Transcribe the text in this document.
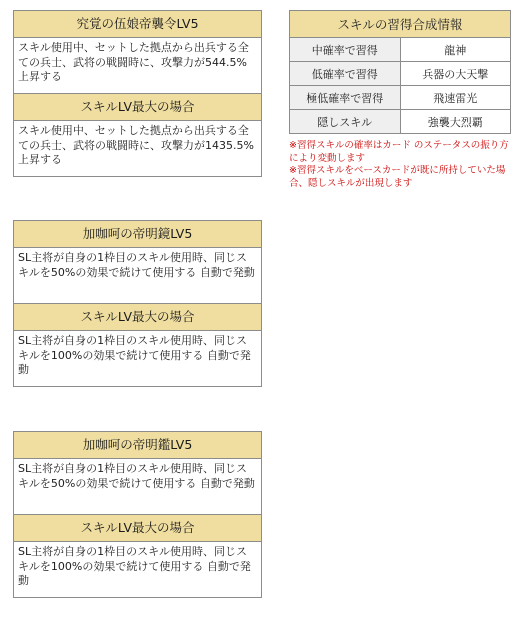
究覚の伍娘帝襲令LV5
スキル使用中、セットした拠点から出兵する全ての兵士、武将の戦闘時に、攻撃力が544.5%上昇する
スキルLV最大の場合
スキル使用中、セットした拠点から出兵する全ての兵士、武将の戦闘時に、攻撃力が1435.5%上昇する
加咖呵の帝明鏡LV5
SL主将が自身の1枠目のスキル使用時、同じスキルを50%の効果で続けて使用する 自動で発動
スキルLV最大の場合
SL主将が自身の1枠目のスキル使用時、同じスキルを100%の効果で続けて使用する 自動で発動
加咖呵の帝明鑑LV5
SL主将が自身の1枠目のスキル使用時、同じスキルを50%の効果で続けて使用する 自動で発動
スキルLV最大の場合
SL主将が自身の1枠目のスキル使用時、同じスキルを100%の効果で続けて使用する 自動で発動
スキルの習得合成情報	
中確率で習得	龍神
低確率で習得	兵器の大天撃
極低確率で習得	飛速雷光
隠しスキル	強襲大烈覇

※習得スキルの確率はカード のステータスの振り方により変動します

※習得スキルをベースカードが既に所持していた場合、隠しスキルが出現します
